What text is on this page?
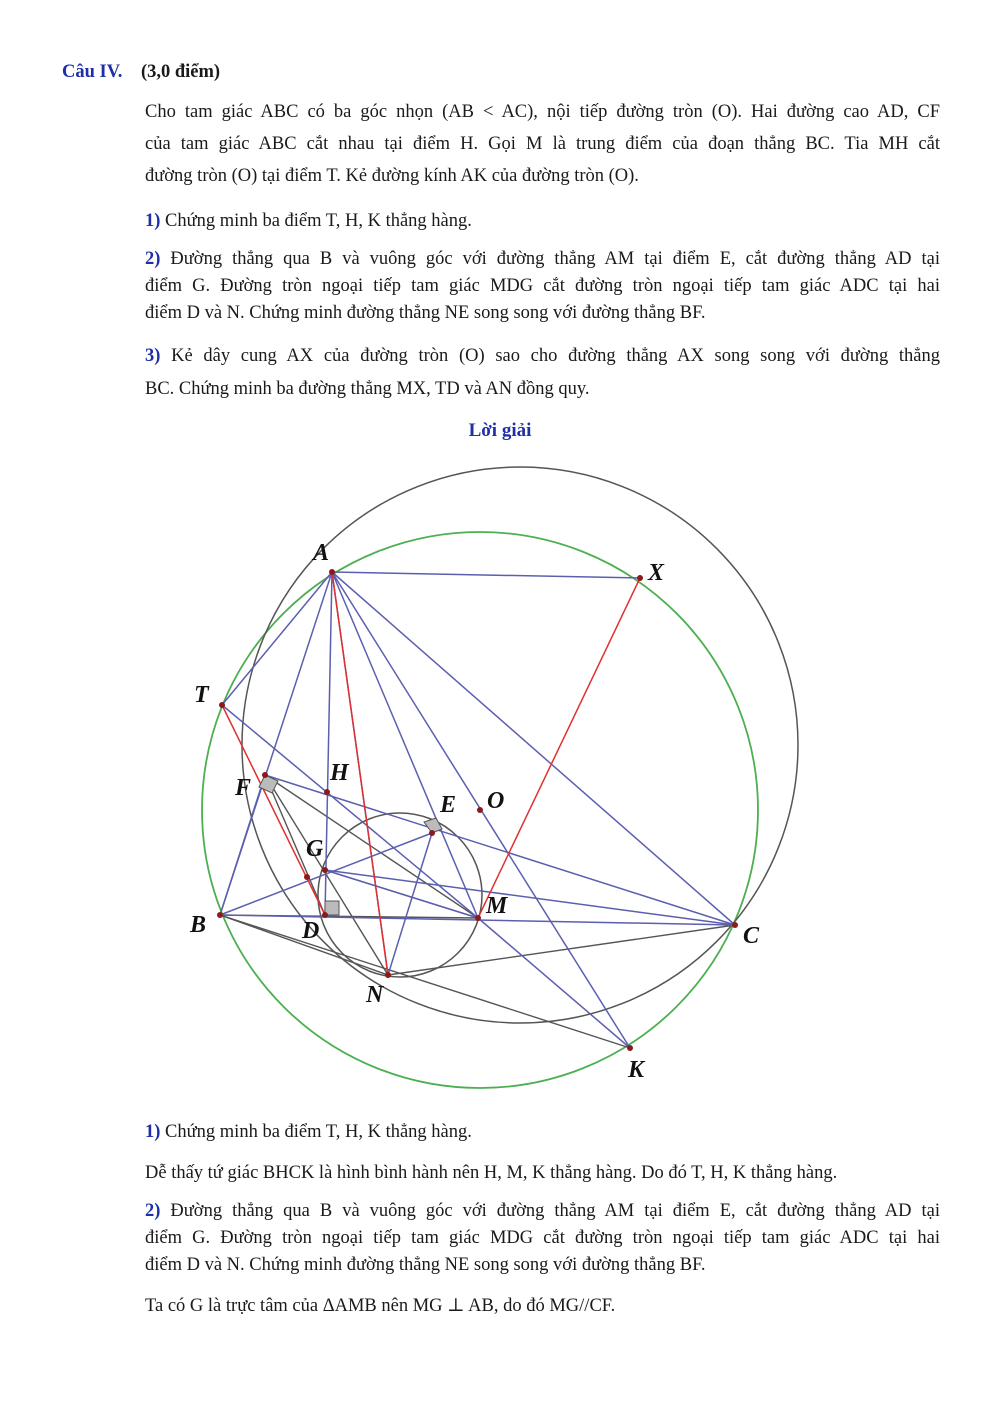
Câu IV. (3,0 điểm)
Cho tam giác ABC có ba góc nhọn (AB < AC), nội tiếp đường tròn (O). Hai đường cao AD, CF
của tam giác ABC cắt nhau tại điểm H. Gọi M là trung điểm của đoạn thẳng BC. Tia MH cắt
đường tròn (O) tại điểm T. Kẻ đường kính AK của đường tròn (O).
1) Chứng minh ba điểm T, H, K thẳng hàng.
2) Đường thẳng qua B và vuông góc với đường thẳng AM tại điểm E, cắt đường thẳng AD tại
điểm G. Đường tròn ngoại tiếp tam giác MDG cắt đường tròn ngoại tiếp tam giác ADC tại hai
điểm D và N. Chứng minh đường thẳng NE song song với đường thẳng BF.
3) Kẻ dây cung AX của đường tròn (O) sao cho đường thẳng AX song song với đường thẳng
BC. Chứng minh ba đường thẳng MX, TD và AN đồng quy.
Lời giải
A
X
T
H
F
E O
G
M
B	D	C
N
K
1) Chứng minh ba điểm T, H, K thẳng hàng.
Dễ thấy tứ giác BHCK là hình bình hành nên H, M, K thẳng hàng. Do đó T, H, K thẳng hàng.
2) Đường thẳng qua B và vuông góc với đường thẳng AM tại điểm E, cắt đường thẳng AD tại
điểm G. Đường tròn ngoại tiếp tam giác MDG cắt đường tròn ngoại tiếp tam giác ADC tại hai
điểm D và N. Chứng minh đường thẳng NE song song với đường thẳng BF.
Ta có G là trực tâm của ΔAMB nên MG ⊥ AB, do đó MG//CF.
